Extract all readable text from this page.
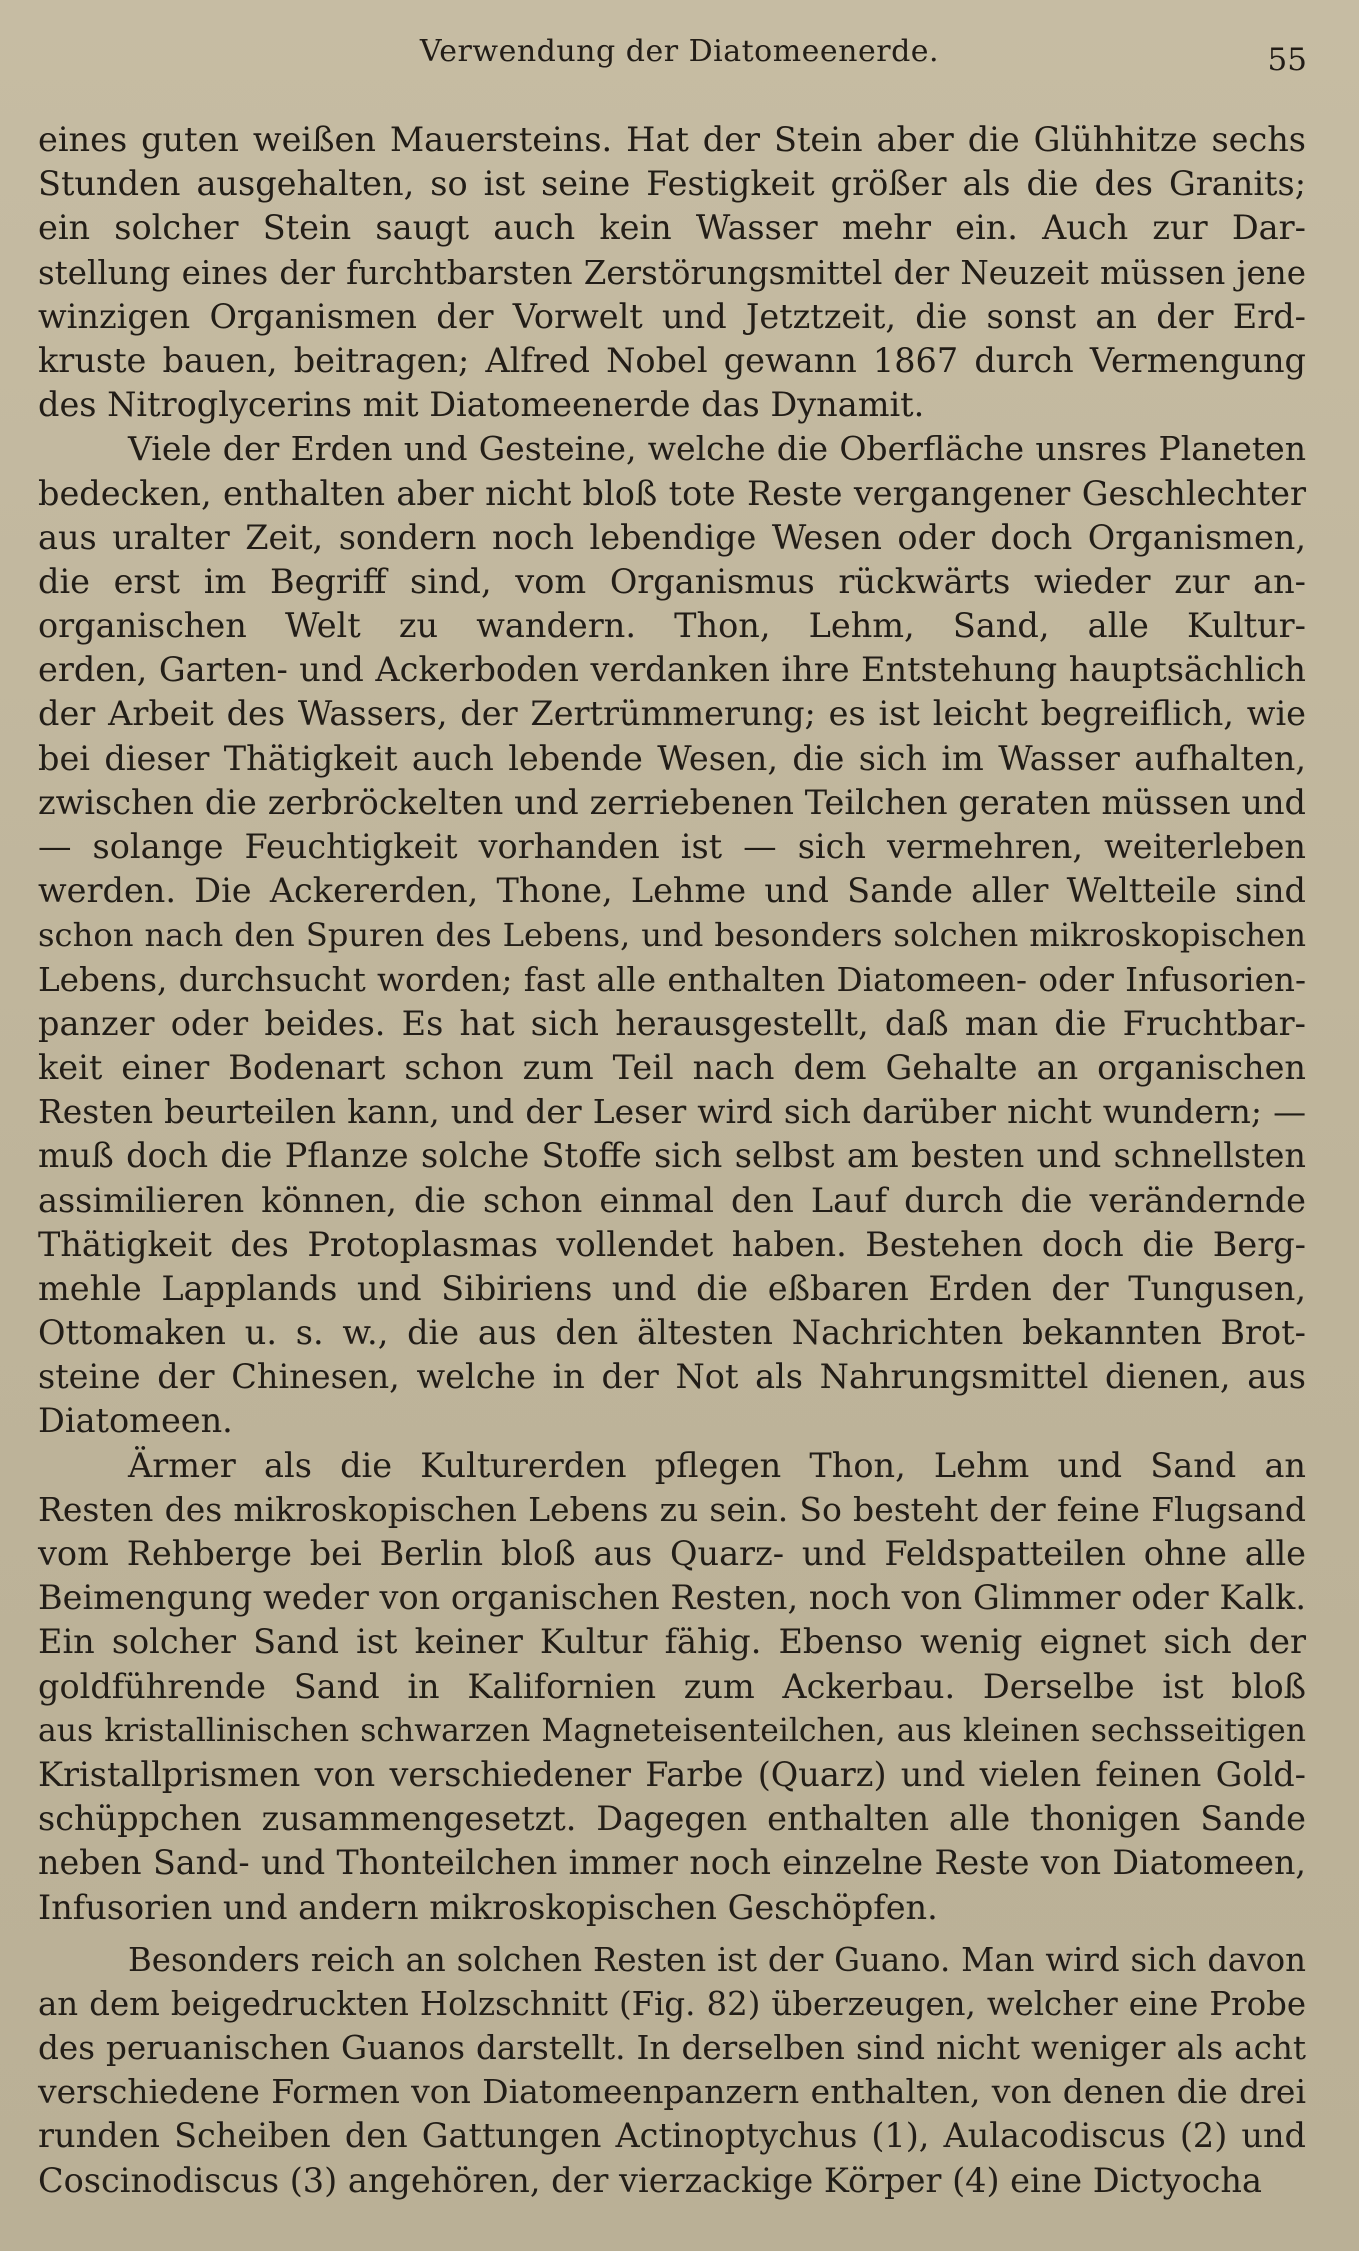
Verwendung der Diatomeenerde.	55
eines guten weißen Mauersteins. Hat der Stein aber die Glühhitze sechs
Stunden ausgehalten, so ist seine Festigkeit größer als die des Granits;
ein solcher Stein saugt auch kein Wasser mehr ein. Auch zur Dar-
stellung eines der furchtbarsten Zerstörungsmittel der Neuzeit müssen jene
winzigen Organismen der Vorwelt und Jetztzeit, die sonst an der Erd-
kruste bauen, beitragen; Alfred Nobel gewann 1867 durch Vermengung
des Nitroglycerins mit Diatomeenerde das Dynamit.
Viele der Erden und Gesteine, welche die Oberfläche unsres Planeten
bedecken, enthalten aber nicht bloß tote Reste vergangener Geschlechter
aus uralter Zeit, sondern noch lebendige Wesen oder doch Organismen,
die erst im Begriff sind, vom Organismus rückwärts wieder zur an-
organischen Welt zu wandern. Thon, Lehm, Sand, alle Kultur-
erden, Garten- und Ackerboden verdanken ihre Entstehung hauptsächlich
der Arbeit des Wassers, der Zertrümmerung; es ist leicht begreiflich, wie
bei dieser Thätigkeit auch lebende Wesen, die sich im Wasser aufhalten,
zwischen die zerbröckelten und zerriebenen Teilchen geraten müssen und
— solange Feuchtigkeit vorhanden ist — sich vermehren, weiterleben
werden. Die Ackererden, Thone, Lehme und Sande aller Weltteile sind
schon nach den Spuren des Lebens, und besonders solchen mikroskopischen
Lebens, durchsucht worden; fast alle enthalten Diatomeen- oder Infusorien-
panzer oder beides. Es hat sich herausgestellt, daß man die Fruchtbar-
keit einer Bodenart schon zum Teil nach dem Gehalte an organischen
Resten beurteilen kann, und der Leser wird sich darüber nicht wundern; —
muß doch die Pflanze solche Stoffe sich selbst am besten und schnellsten
assimilieren können, die schon einmal den Lauf durch die verändernde
Thätigkeit des Protoplasmas vollendet haben. Bestehen doch die Berg-
mehle Lapplands und Sibiriens und die eßbaren Erden der Tungusen,
Ottomaken u. s. w., die aus den ältesten Nachrichten bekannten Brot-
steine der Chinesen, welche in der Not als Nahrungsmittel dienen, aus
Diatomeen.
Ärmer als die Kulturerden pflegen Thon, Lehm und Sand an
Resten des mikroskopischen Lebens zu sein. So besteht der feine Flugsand
vom Rehberge bei Berlin bloß aus Quarz- und Feldspatteilen ohne alle
Beimengung weder von organischen Resten, noch von Glimmer oder Kalk.
Ein solcher Sand ist keiner Kultur fähig. Ebenso wenig eignet sich der
goldführende Sand in Kalifornien zum Ackerbau. Derselbe ist bloß
aus kristallinischen schwarzen Magneteisenteilchen, aus kleinen sechsseitigen
Kristallprismen von verschiedener Farbe (Quarz) und vielen feinen Gold-
schüppchen zusammengesetzt. Dagegen enthalten alle thonigen Sande
neben Sand- und Thonteilchen immer noch einzelne Reste von Diatomeen,
Infusorien und andern mikroskopischen Geschöpfen.
Besonders reich an solchen Resten ist der Guano. Man wird sich davon
an dem beigedruckten Holzschnitt (Fig. 82) überzeugen, welcher eine Probe
des peruanischen Guanos darstellt. In derselben sind nicht weniger als acht
verschiedene Formen von Diatomeenpanzern enthalten, von denen die drei
runden Scheiben den Gattungen Actinoptychus (1), Aulacodiscus (2) und
Coscinodiscus (3) angehören, der vierzackige Körper (4) eine Dictyocha
